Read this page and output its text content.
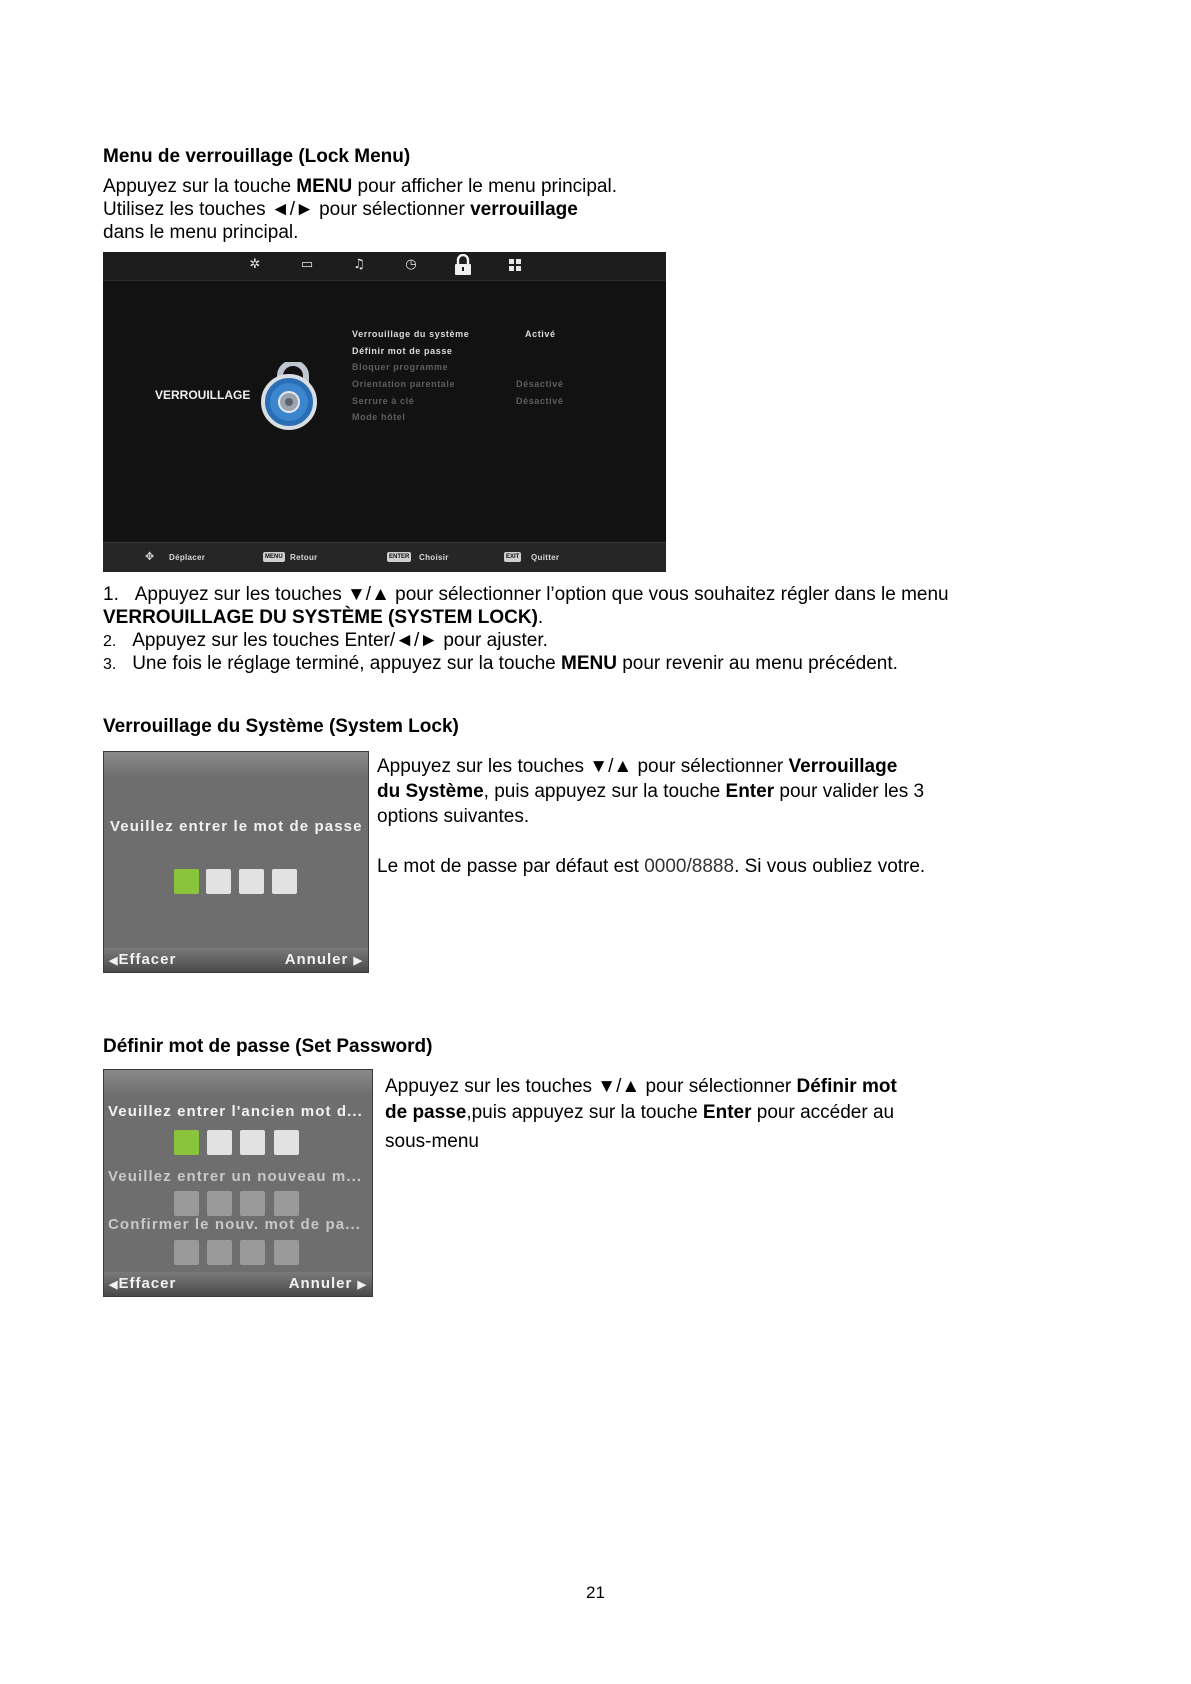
Menu de verrouillage (Lock Menu)
Appuyez sur la touche MENU pour afficher le menu principal.
Utilisez les touches ◄/► pour sélectionner verrouillage
dans le menu principal.
✲	▭	♫	◷
VERROUILLAGE
Verrouillage du système	Activé
Définir mot de passe
Bloquer programme
Orientation parentale	Désactivé
Serrure à clé	Désactivé
Mode hôtel
✥ Déplacer	MENU Retour	ENTER Choisir	EXIT Quitter
1. Appuyez sur les touches ▼/▲ pour sélectionner l’option que vous souhaitez régler dans le menu
VERROUILLAGE DU SYSTÈME (SYSTEM LOCK).
2. Appuyez sur les touches Enter/◄/► pour ajuster.
3. Une fois le réglage terminé, appuyez sur la touche MENU pour revenir au menu précédent.
Verrouillage du Système (System Lock)
Veuillez entrer le mot de passe
◀Effacer	Annuler ▶
Appuyez sur les touches ▼/▲ pour sélectionner Verrouillage
du Système, puis appuyez sur la touche Enter pour valider les 3
options suivantes.
Le mot de passe par défaut est 0000/8888. Si vous oubliez votre.
Définir mot de passe (Set Password)
Veuillez entrer l'ancien mot d...
Veuillez entrer un nouveau m...
Confirmer le nouv. mot de pa...
◀Effacer	Annuler ▶
Appuyez sur les touches ▼/▲ pour sélectionner Définir mot
de passe,puis appuyez sur la touche Enter pour accéder au
sous-menu
21
